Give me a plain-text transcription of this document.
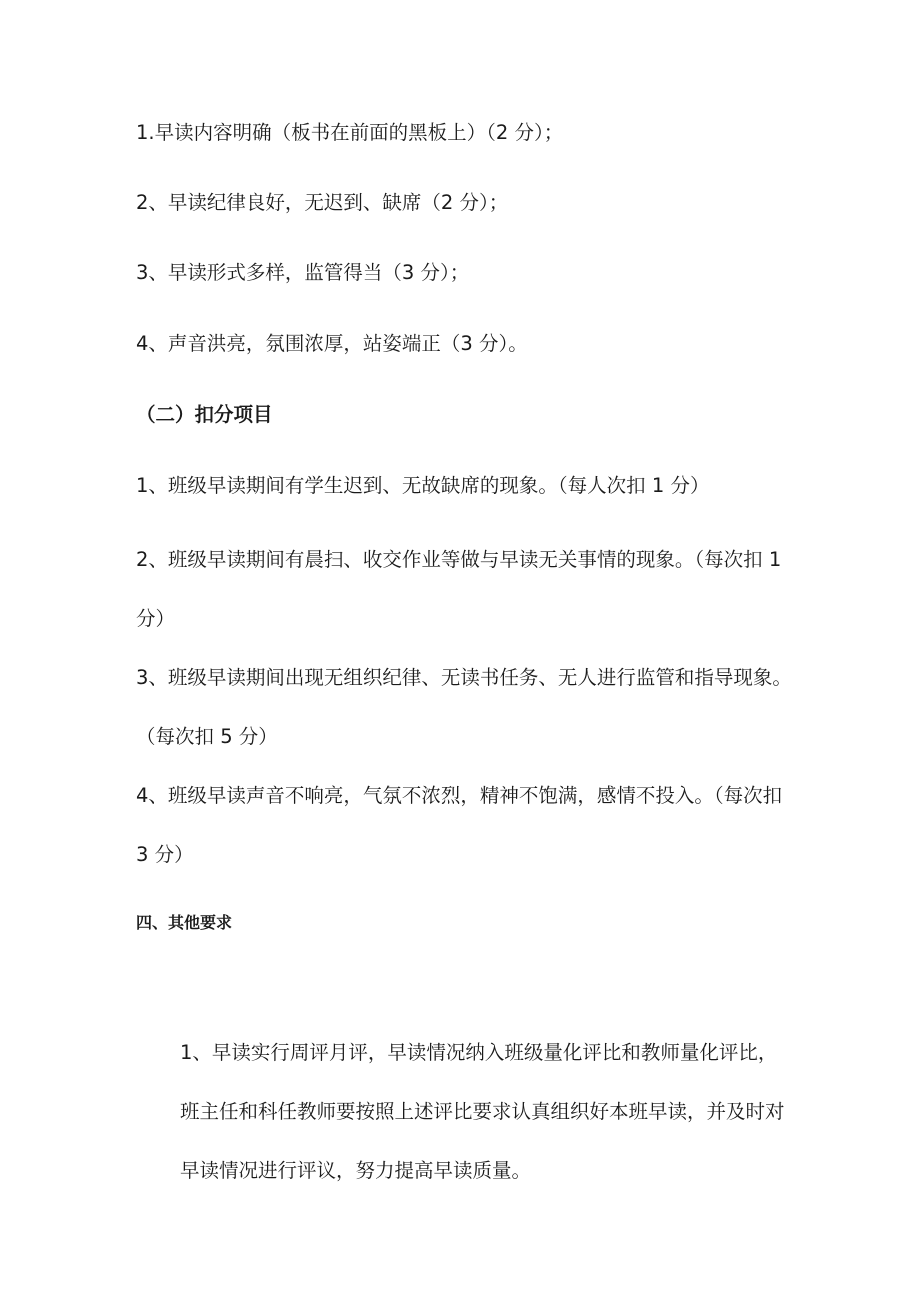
1.早读内容明确（板书在前面的黑板上）（2 分）；
2、早读纪律良好，无迟到、缺席（2 分）；
3、早读形式多样，监管得当（3 分）；
4、声音洪亮，氛围浓厚，站姿端正（3 分）。
（二）扣分项目
1、班级早读期间有学生迟到、无故缺席的现象。（每人次扣 1 分）
2、班级早读期间有晨扫、收交作业等做与早读无关事情的现象。（每次扣 1 分）
3、班级早读期间出现无组织纪律、无读书任务、无人进行监管和指导现象。（每次扣 5 分）
4、班级早读声音不响亮，气氛不浓烈，精神不饱满，感情不投入。（每次扣 3 分）
四、其他要求
1、早读实行周评月评，早读情况纳入班级量化评比和教师量化评比，班主任和科任教师要按照上述评比要求认真组织好本班早读，并及时对早读情况进行评议，努力提高早读质量。
